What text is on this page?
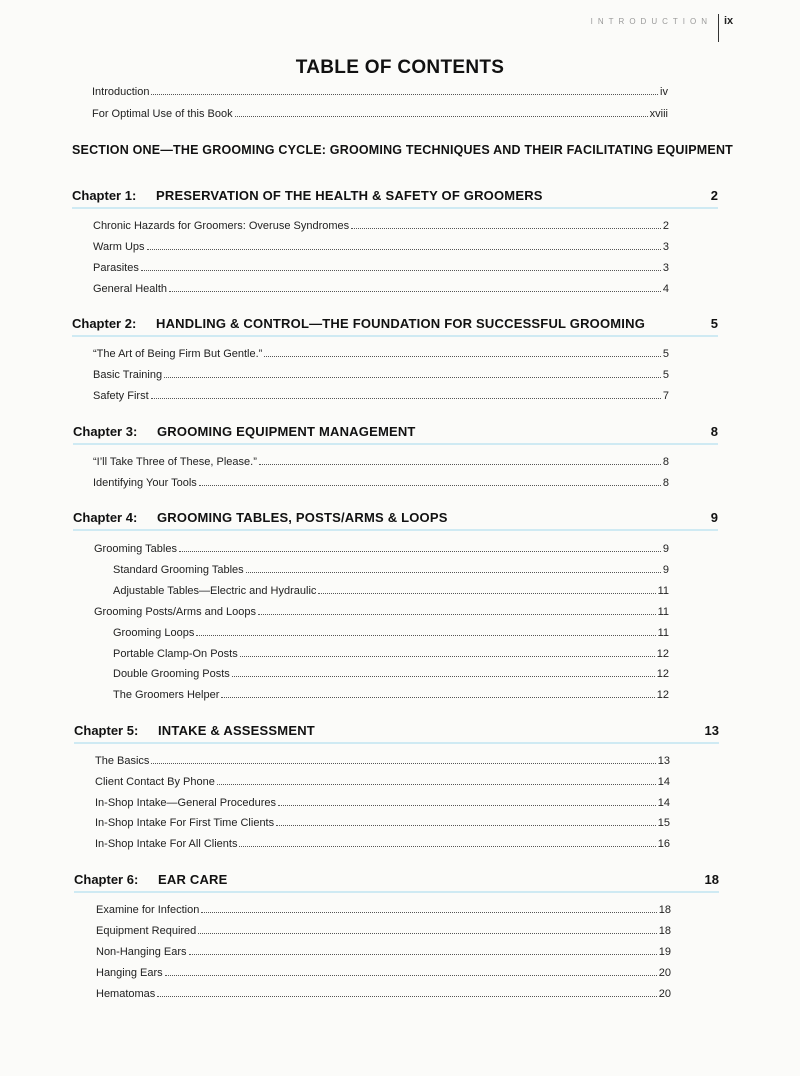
INTRODUCTION ix
TABLE OF CONTENTS
Introduction	iv
For Optimal Use of this Book	xviii
SECTION ONE—THE GROOMING CYCLE: GROOMING TECHNIQUES AND THEIR FACILITATING EQUIPMENT
Chapter 1: PRESERVATION OF THE HEALTH & SAFETY OF GROOMERS	2
Chronic Hazards for Groomers: Overuse Syndromes	2
Warm Ups	3
Parasites	3
General Health	4
Chapter 2: HANDLING & CONTROL—THE FOUNDATION FOR SUCCESSFUL GROOMING	5
“The Art of Being Firm But Gentle.”	5
Basic Training	5
Safety First	7
Chapter 3: GROOMING EQUIPMENT MANAGEMENT	8
“I’ll Take Three of These, Please.”	8
Identifying Your Tools	8
Chapter 4: GROOMING TABLES, POSTS/ARMS & LOOPS	9
Grooming Tables	9
Standard Grooming Tables	9
Adjustable Tables—Electric and Hydraulic	11
Grooming Posts/Arms and Loops	11
Grooming Loops	11
Portable Clamp-On Posts	12
Double Grooming Posts	12
The Groomers Helper	12
Chapter 5: INTAKE & ASSESSMENT	13
The Basics	13
Client Contact By Phone	14
In-Shop Intake—General Procedures	14
In-Shop Intake For First Time Clients	15
In-Shop Intake For All Clients	16
Chapter 6: EAR CARE	18
Examine for Infection	18
Equipment Required	18
Non-Hanging Ears	19
Hanging Ears	20
Hematomas	20
